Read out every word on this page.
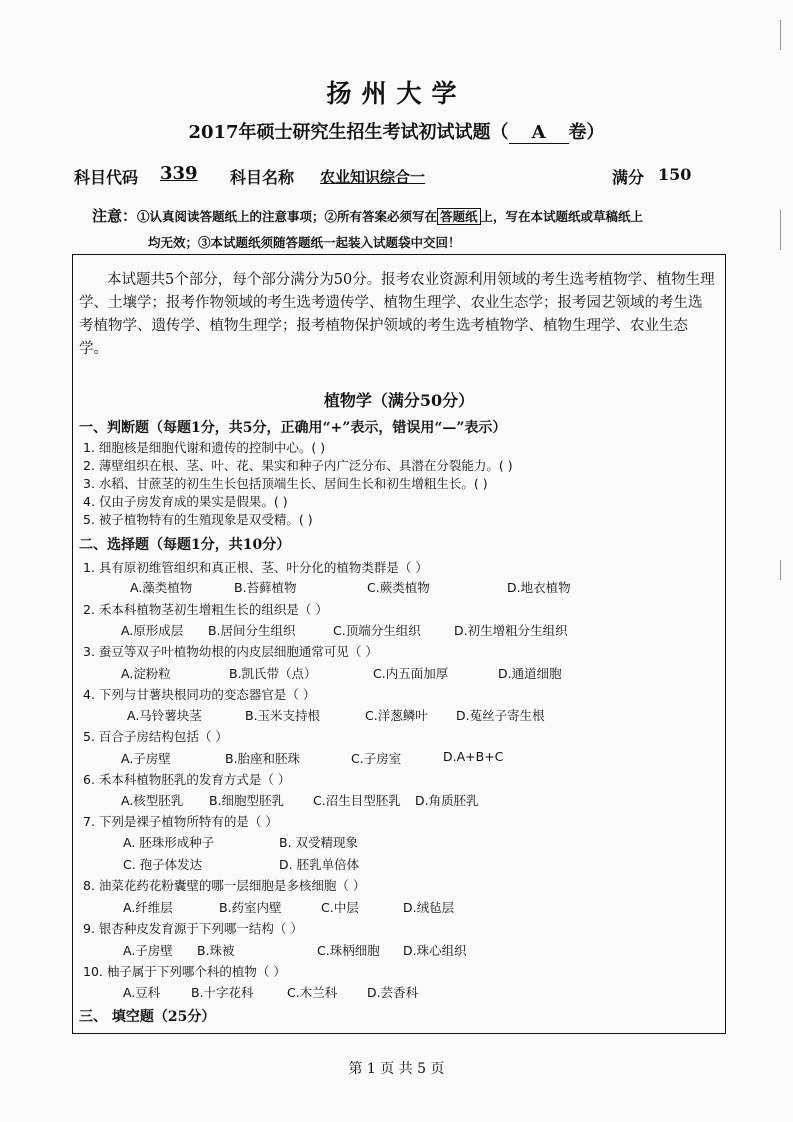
扬州大学
2017年硕士研究生招生考试初试试题（ A 卷）
科目代码 339 科目名称 农业知识综合一	满分 150
注意：①认真阅读答题纸上的注意事项；②所有答案必须写在 答题纸 上，写在本试题纸或草稿纸上
均无效；③本试题纸须随答题纸一起装入试题袋中交回！
本试题共5个部分，每个部分满分为50分。报考农业资源利用领域的考生选考植物学、植物生理学、土壤学；报考作物领域的考生选考遗传学、植物生理学、农业生态学；报考园艺领域的考生选考植物学、遗传学、植物生理学；报考植物保护领域的考生选考植物学、植物生理学、农业生态学。
植物学（满分50分）
一、判断题（每题1分，共5分，正确用“+”表示，错误用“—”表示）
1. 细胞核是细胞代谢和遗传的控制中心。( )
2. 薄壁组织在根、茎、叶、花、果实和种子内广泛分布、具潜在分裂能力。( )
3. 水稻、甘蔗茎的初生生长包括顶端生长、居间生长和初生增粗生长。( )
4. 仅由子房发育成的果实是假果。( )
5. 被子植物特有的生殖现象是双受精。( )
二、选择题（每题1分，共10分）
1. 具有原初维管组织和真正根、茎、叶分化的植物类群是（ ）
A.藻类植物	B.苔藓植物	C.蕨类植物	D.地衣植物
2. 禾本科植物茎初生增粗生长的组织是（ ）
A.原形成层 B.居间分生组织	C.顶端分生组织	D.初生增粗分生组织
3. 蚕豆等双子叶植物幼根的内皮层细胞通常可见（ ）
A.淀粉粒	B.凯氏带（点）	C.内五面加厚	D.通道细胞
4. 下列与甘薯块根同功的变态器官是（ ）
A.马铃薯块茎	B.玉米支持根	C.洋葱鳞叶 D.菟丝子寄生根
5. 百合子房结构包括（ ）
A.子房壁	B.胎座和胚珠	C.子房室	D.A+B+C
6. 禾本科植物胚乳的发育方式是（ ）
A.核型胚乳 B.细胞型胚乳 C.沼生目型胚乳 D.角质胚乳
7. 下列是裸子植物所特有的是（ ）
A. 胚珠形成种子	B. 双受精现象
C. 孢子体发达	D. 胚乳单倍体
8. 油菜花药花粉囊壁的哪一层细胞是多核细胞（ ）
A.纤维层	B.药室内壁	C.中层	D.绒毡层
9. 银杏种皮发育源于下列哪一结构（ ）
A.子房壁 B.珠被	C.珠柄细胞 D.珠心组织
10. 柚子属于下列哪个科的植物（ ）
A.豆科 B.十字花科	C.木兰科 D.芸香科
三、 填空题（25分）
第 1 页 共 5 页
